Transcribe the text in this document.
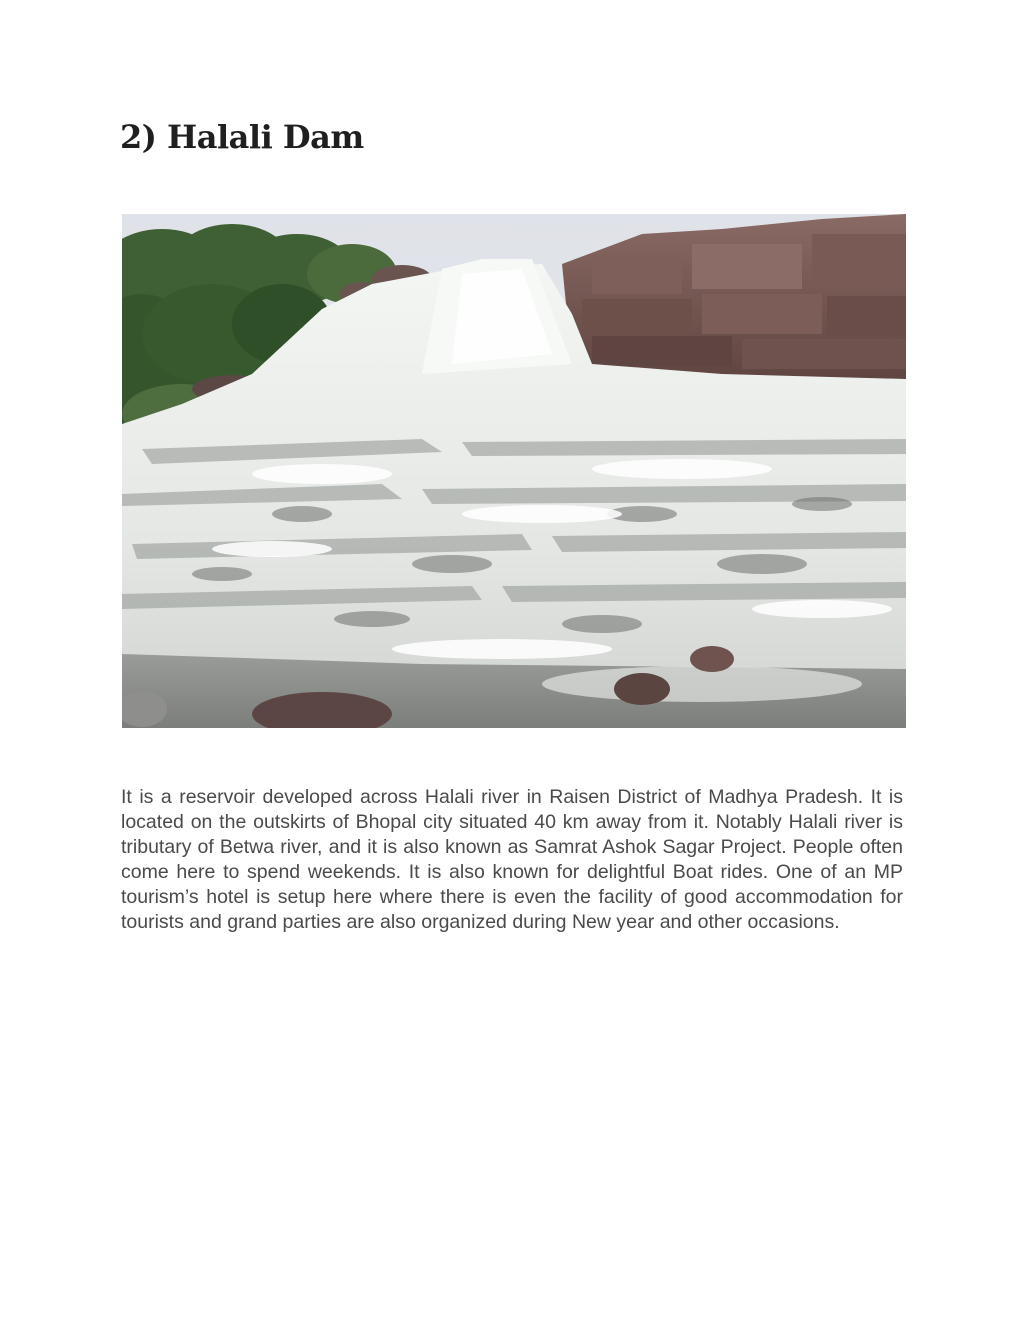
2) Halali Dam

It is a reservoir developed across Halali river in Raisen District of Madhya Pradesh. It is located on the outskirts of Bhopal city situated 40 km away from it. Notably Halali river is tributary of Betwa river, and it is also known as Samrat Ashok Sagar Project. People often come here to spend weekends. It is also known for delightful Boat rides. One of an MP tourism’s hotel is setup here where there is even the facility of good accommodation for tourists and grand parties are also organized during New year and other occasions.
